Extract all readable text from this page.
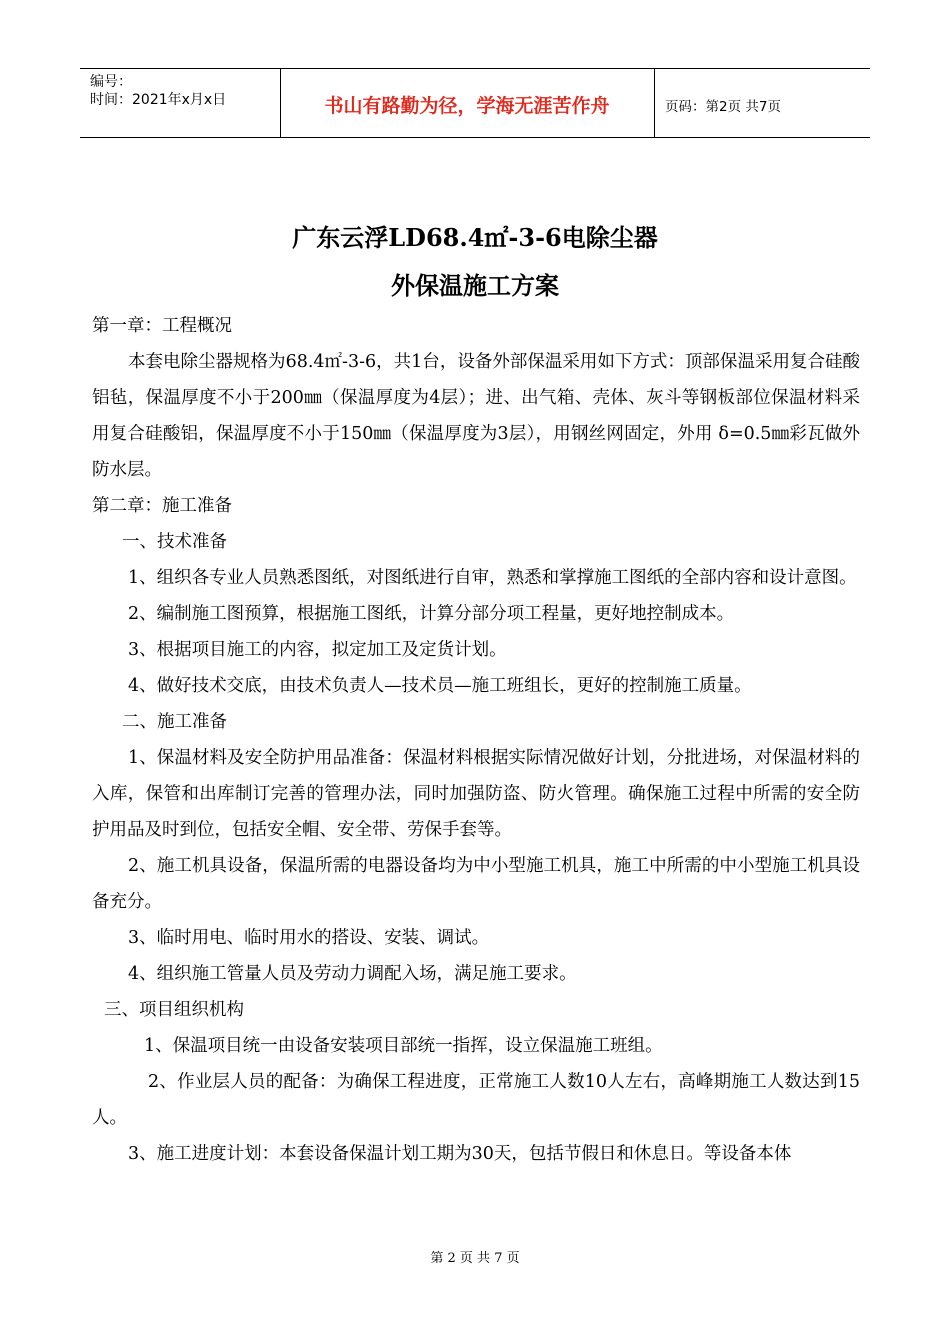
编号：
时间：2021年x月x日	书山有路勤为径，学海无涯苦作舟	页码：第2页 共7页
广东云浮LD68.4㎡-3-6电除尘器
外保温施工方案

第一章：工程概况

本套电除尘器规格为68.4㎡-3-6，共1台，设备外部保温采用如下方式：顶部保温采用复合硅酸铝毡，保温厚度不小于200㎜（保温厚度为4层）；进、出气箱、壳体、灰斗等钢板部位保温材料采用复合硅酸铝，保温厚度不小于150㎜（保温厚度为3层），用钢丝网固定，外用 δ=0.5㎜彩瓦做外防水层。

第二章：施工准备

一、技术准备

1、组织各专业人员熟悉图纸，对图纸进行自审，熟悉和掌撑施工图纸的全部内容和设计意图。

2、编制施工图预算，根据施工图纸，计算分部分项工程量，更好地控制成本。

3、根据项目施工的内容，拟定加工及定货计划。

4、做好技术交底，由技术负责人—技术员—施工班组长，更好的控制施工质量。

二、施工准备

1、保温材料及安全防护用品准备：保温材料根据实际情况做好计划，分批进场，对保温材料的入库，保管和出库制订完善的管理办法，同时加强防盗、防火管理。确保施工过程中所需的安全防护用品及时到位，包括安全帽、安全带、劳保手套等。

2、施工机具设备，保温所需的电器设备均为中小型施工机具，施工中所需的中小型施工机具设备充分。

3、临时用电、临时用水的搭设、安装、调试。

4、组织施工管量人员及劳动力调配入场，满足施工要求。

三、项目组织机构

1、保温项目统一由设备安装项目部统一指挥，设立保温施工班组。

2、作业层人员的配备：为确保工程进度，正常施工人数10人左右，高峰期施工人数达到15人。

3、施工进度计划：本套设备保温计划工期为30天，包括节假日和休息日。等设备本体

第 2 页 共 7 页
